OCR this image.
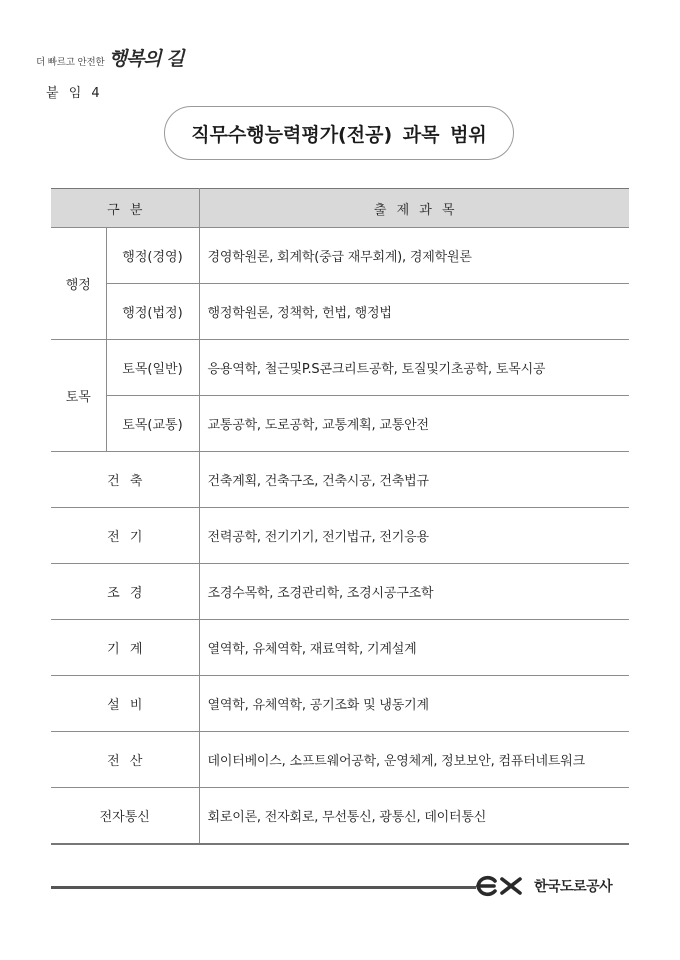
더 빠르고 안전한 행복의 길
붙 임 4
직무수행능력평가(전공) 과목 범위
구 분		출 제 과 목
행정	행정(경영)	경영학원론, 회계학(중급 재무회계), 경제학원론
	행정(법정)	행정학원론, 정책학, 헌법, 행정법
토목	토목(일반)	응용역학, 철근및P.S콘크리트공학, 토질및기초공학, 토목시공
	토목(교통)	교통공학, 도로공학, 교통계획, 교통안전
건 축		건축계획, 건축구조, 건축시공, 건축법규
전 기		전력공학, 전기기기, 전기법규, 전기응용
조 경		조경수목학, 조경관리학, 조경시공구조학
기 계		열역학, 유체역학, 재료역학, 기계설계
설 비		열역학, 유체역학, 공기조화 및 냉동기계
전 산		데이터베이스, 소프트웨어공학, 운영체계, 정보보안, 컴퓨터네트워크
전자통신		회로이론, 전자회로, 무선통신, 광통신, 데이터통신
한국도로공사
